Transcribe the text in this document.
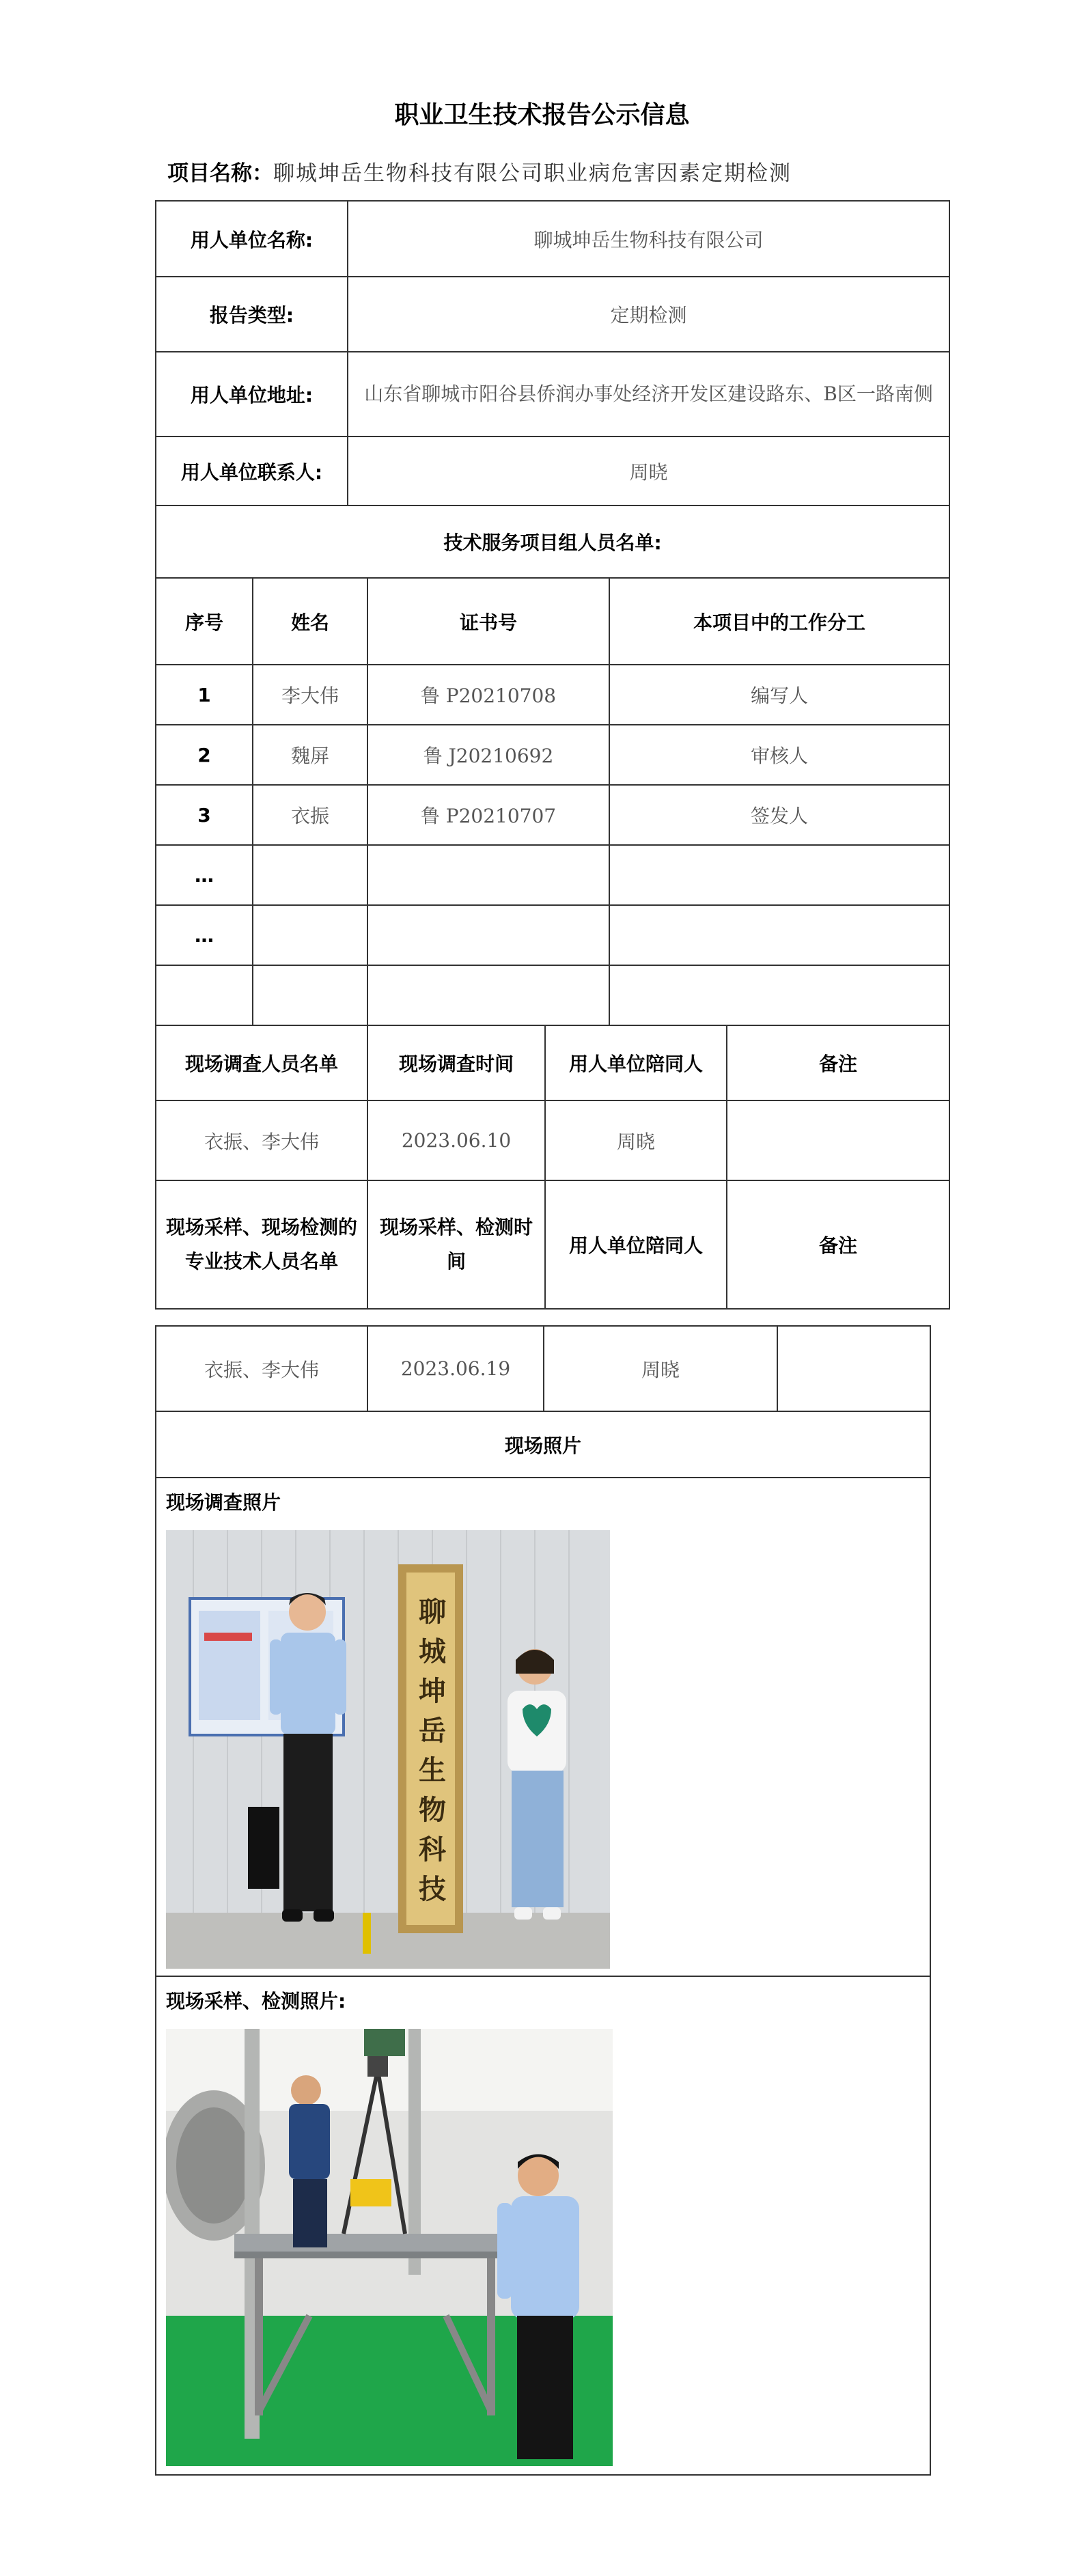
职业卫生技术报告公示信息
项目名称：聊城坤岳生物科技有限公司职业病危害因素定期检测
用人单位名称:		聊城坤岳生物科技有限公司				
报告类型:		定期检测				
用人单位地址:		山东省聊城市阳谷县侨润办事处经济开发区建设路东、B区一路南侧				
用人单位联系人:		周晓				
技术服务项目组人员名单:						
序号	姓名		证书号		本项目中的工作分工	
1	李大伟		鲁 P20210708		编写人	
2	魏屏		鲁 J20210692		审核人	
3	衣振		鲁 P20210707		签发人	
…						
…						

现场调查人员名单			现场调查时间	用人单位陪同人		备注
衣振、李大伟			2023.06.10	周晓		
现场采样、现场检测的专业技术人员名单			现场采样、检测时间	用人单位陪同人		备注
衣振、李大伟	2023.06.19	周晓	
现场照片

现场调查照片
聊城坤岳生物科技

现场采样、检测照片:
